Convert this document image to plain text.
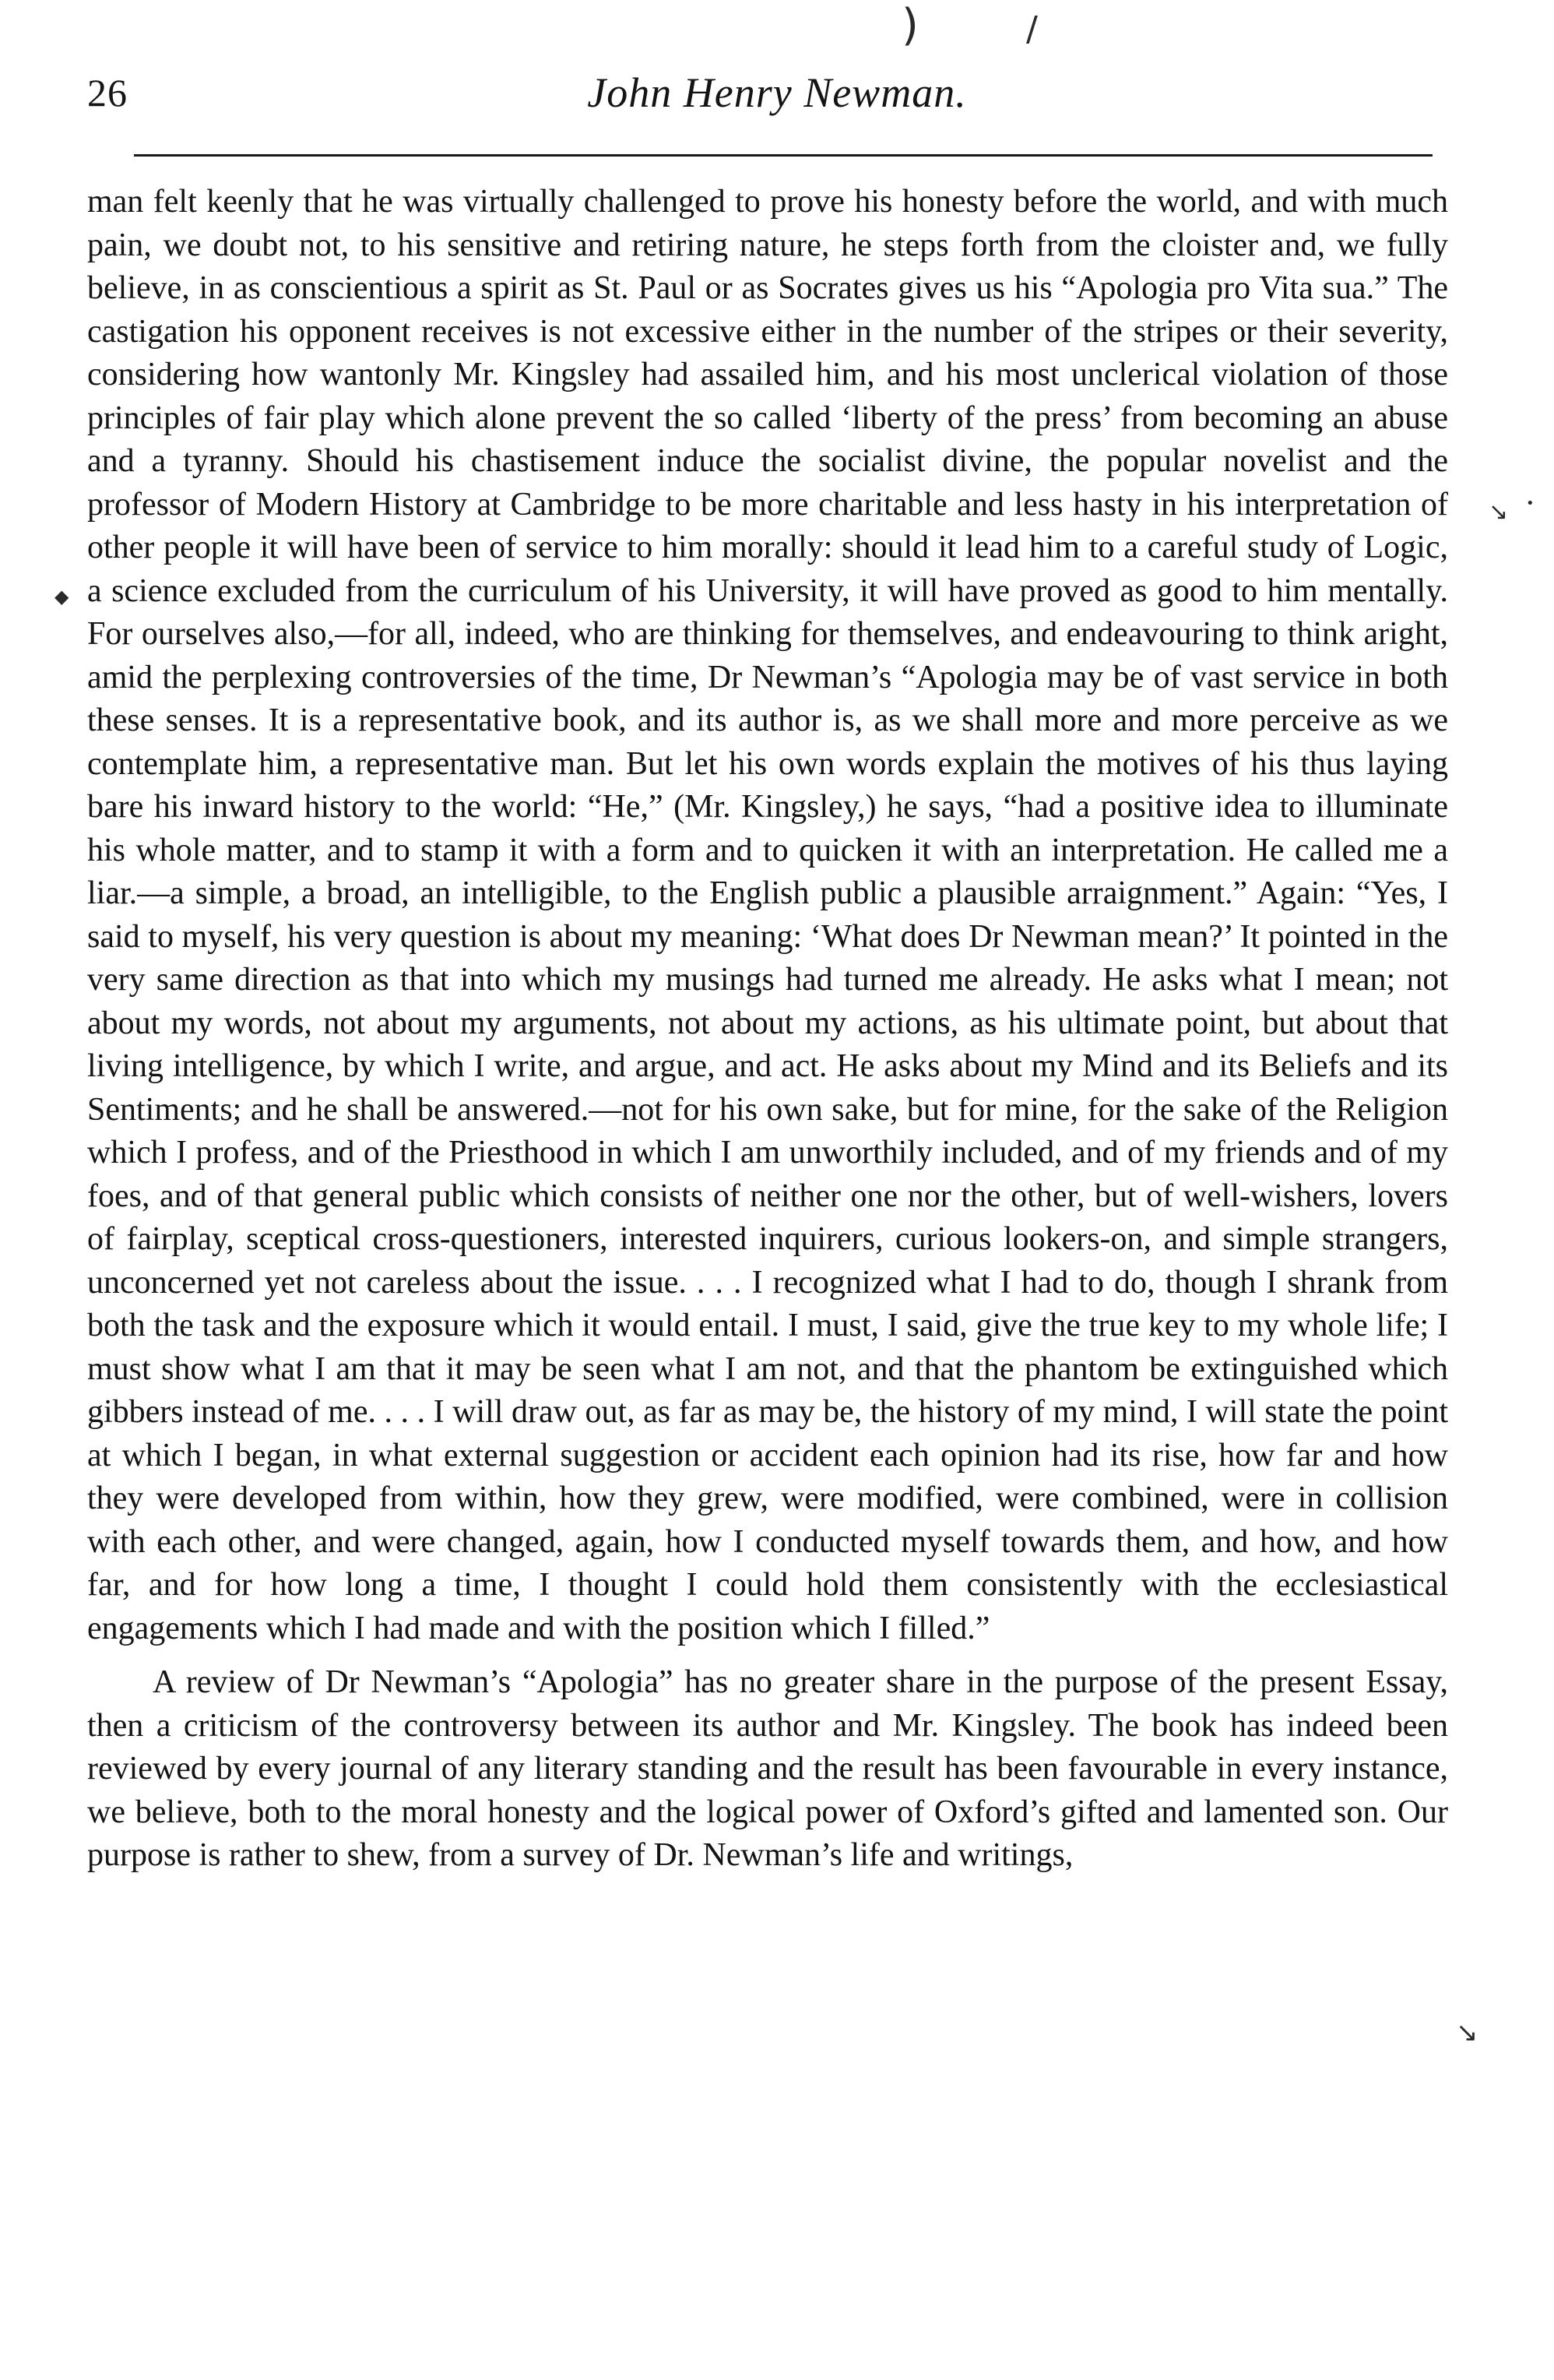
26	John Henry Newman.
)	/

man felt keenly that he was virtually challenged to prove his honesty before the world, and with much pain, we doubt not, to his sensitive and retiring nature, he steps forth from the cloister and, we fully believe, in as conscientious a spirit as St. Paul or as Socrates gives us his “Apologia pro Vita sua.” The castigation his opponent receives is not excessive either in the number of the stripes or their severity, considering how wantonly Mr. Kingsley had assailed him, and his most unclerical violation of those principles of fair play which alone prevent the so called ‘liberty of the press’ from becoming an abuse and a tyranny. Should his chastisement induce the socialist divine, the popular novelist and the professor of Modern History at Cambridge to be more charitable and less hasty in his interpretation of other people it will have been of service to him morally: should it lead him to a careful study of Logic, a science excluded from the curriculum of his University, it will have proved as good to him mentally. For ourselves also,—for all, indeed, who are thinking for themselves, and endeavouring to think aright, amid the perplexing controversies of the time, Dr Newman’s “Apologia may be of vast service in both these senses. It is a representative book, and its author is, as we shall more and more perceive as we contemplate him, a representative man. But let his own words explain the motives of his thus laying bare his inward history to the world: “He,” (Mr. Kingsley,) he says, “had a positive idea to illuminate his whole matter, and to stamp it with a form and to quicken it with an interpretation. He called me a liar.—a simple, a broad, an intelligible, to the English public a plausible arraignment.” Again: “Yes, I said to myself, his very question is about my meaning: ‘What does Dr Newman mean?’ It pointed in the very same direction as that into which my musings had turned me already. He asks what I mean; not about my words, not about my arguments, not about my actions, as his ultimate point, but about that living intelligence, by which I write, and argue, and act. He asks about my Mind and its Beliefs and its Sentiments; and he shall be answered.—not for his own sake, but for mine, for the sake of the Religion which I profess, and of the Priesthood in which I am unworthily included, and of my friends and of my foes, and of that general public which consists of neither one nor the other, but of well-wishers, lovers of fairplay, sceptical cross-questioners, interested inquirers, curious lookers-on, and simple strangers, unconcerned yet not careless about the issue. . . . I recognized what I had to do, though I shrank from both the task and the exposure which it would entail. I must, I said, give the true key to my whole life; I must show what I am that it may be seen what I am not, and that the phantom be extinguished which gibbers instead of me. . . . I will draw out, as far as may be, the history of my mind, I will state the point at which I began, in what external suggestion or accident each opinion had its rise, how far and how they were developed from within, how they grew, were modified, were combined, were in collision with each other, and were changed, again, how I conducted myself towards them, and how, and how far, and for how long a time, I thought I could hold them consistently with the ecclesiastical engagements which I had made and with the position which I filled.”

A review of Dr Newman’s “Apologia” has no greater share in the purpose of the present Essay, then a criticism of the controversy between its author and Mr. Kingsley. The book has indeed been reviewed by every journal of any literary standing and the result has been favourable in every instance, we believe, both to the moral honesty and the logical power of Oxford’s gifted and lamented son. Our purpose is rather to shew, from a survey of Dr. Newman’s life and writings,

↘ •
◆
↘
